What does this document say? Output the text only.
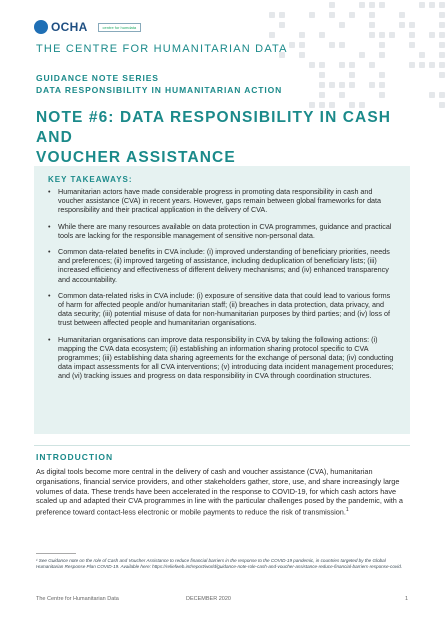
OCHA	centre for humdata
THE CENTRE FOR HUMANITARIAN DATA
GUIDANCE NOTE SERIES
DATA RESPONSIBILITY IN HUMANITARIAN ACTION
NOTE #6: DATA RESPONSIBILITY IN CASH AND
VOUCHER ASSISTANCE
KEY TAKEAWAYS:
• Humanitarian actors have made considerable progress in promoting data responsibility in cash and voucher assistance (CVA) in recent years. However, gaps remain between global frameworks for data responsibility and their practical application in the delivery of CVA.
• While there are many resources available on data protection in CVA programmes, guidance and practical tools are lacking for the responsible management of sensitive non-personal data.
• Common data-related benefits in CVA include: (i) improved understanding of beneficiary priorities, needs and preferences; (ii) improved targeting of assistance, including deduplication of beneficiary lists; (iii) increased efficiency and effectiveness of different delivery mechanisms; and (iv) enhanced transparency and accountability.
• Common data-related risks in CVA include: (i) exposure of sensitive data that could lead to various forms of harm for affected people and/or humanitarian staff; (ii) breaches in data protection, data privacy, and data security; (iii) potential misuse of data for non-humanitarian purposes by third parties; and (iv) loss of trust between affected people and humanitarian organisations.
• Humanitarian organisations can improve data responsibility in CVA by taking the following actions: (i) mapping the CVA data ecosystem; (ii) establishing an information sharing protocol specific to CVA programmes; (iii) establishing data sharing agreements for the exchange of personal data; (iv) conducting data impact assessments for all CVA interventions; (v) introducing data incident management procedures; and (vi) tracking issues and progress on data responsibility in CVA through coordination structures.
INTRODUCTION
As digital tools become more central in the delivery of cash and voucher assistance (CVA), humanitarian organisations, financial service providers, and other stakeholders gather, store, use, and share increasingly large volumes of data. These trends have been accelerated in the response to COVID-19, for which cash actors have scaled up and adapted their CVA programmes in line with the particular challenges posed by the pandemic, with a preference toward contact-less electronic or mobile payments to reduce the risk of transmission.$^1$
¹ See Guidance note on the role of Cash and Voucher Assistance to reduce financial barriers in the response to the COVID-19 pandemic, in countries targeted by the Global Humanitarian Response Plan COVID-19. Available here: https://reliefweb.int/report/world/guidance-note-role-cash-and-voucher-assistance-reduce-financial-barriers-response-covid.
The Centre for Humanitarian Data	DECEMBER 2020	1
